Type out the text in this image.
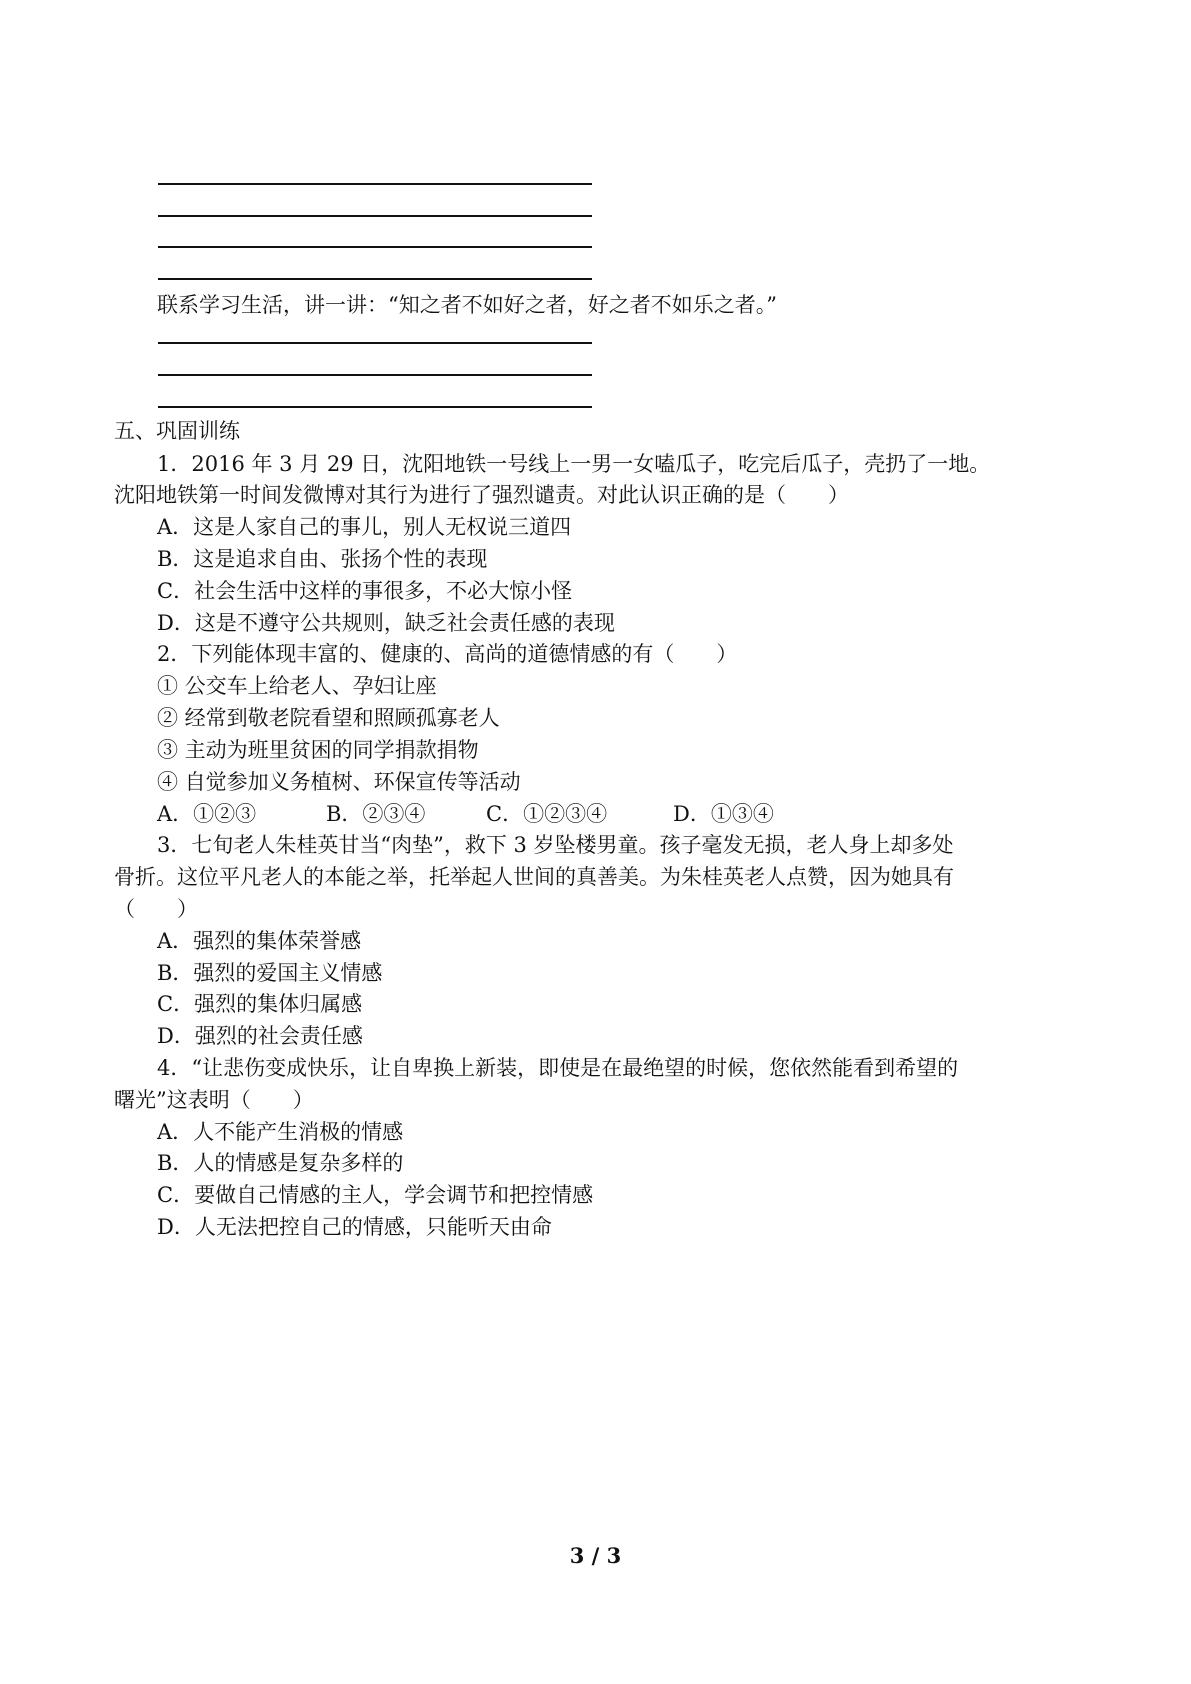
联系学习生活，讲一讲：“知之者不如好之者，好之者不如乐之者。”
五、巩固训练
1．2016 年 3 月 29 日，沈阳地铁一号线上一男一女嗑瓜子，吃完后瓜子，壳扔了一地。
沈阳地铁第一时间发微博对其行为进行了强烈谴责。对此认识正确的是（　　）
A．这是人家自己的事儿，别人无权说三道四
B．这是追求自由、张扬个性的表现
C．社会生活中这样的事很多，不必大惊小怪
D．这是不遵守公共规则，缺乏社会责任感的表现
2．下列能体现丰富的、健康的、高尚的道德情感的有（　　）
① 公交车上给老人、孕妇让座
② 经常到敬老院看望和照顾孤寡老人
③ 主动为班里贫困的同学捐款捐物
④ 自觉参加义务植树、环保宣传等活动
A．①②③	B．②③④	C．①②③④	D．①③④
3．七旬老人朱桂英甘当“肉垫”，救下 3 岁坠楼男童。孩子毫发无损，老人身上却多处
骨折。这位平凡老人的本能之举，托举起人世间的真善美。为朱桂英老人点赞，因为她具有
（　　）
A．强烈的集体荣誉感
B．强烈的爱国主义情感
C．强烈的集体归属感
D．强烈的社会责任感
4．“让悲伤变成快乐，让自卑换上新装，即使是在最绝望的时候，您依然能看到希望的
曙光”这表明（　　）
A．人不能产生消极的情感
B．人的情感是复杂多样的
C．要做自己情感的主人，学会调节和把控情感
D．人无法把控自己的情感，只能听天由命
3 / 3
